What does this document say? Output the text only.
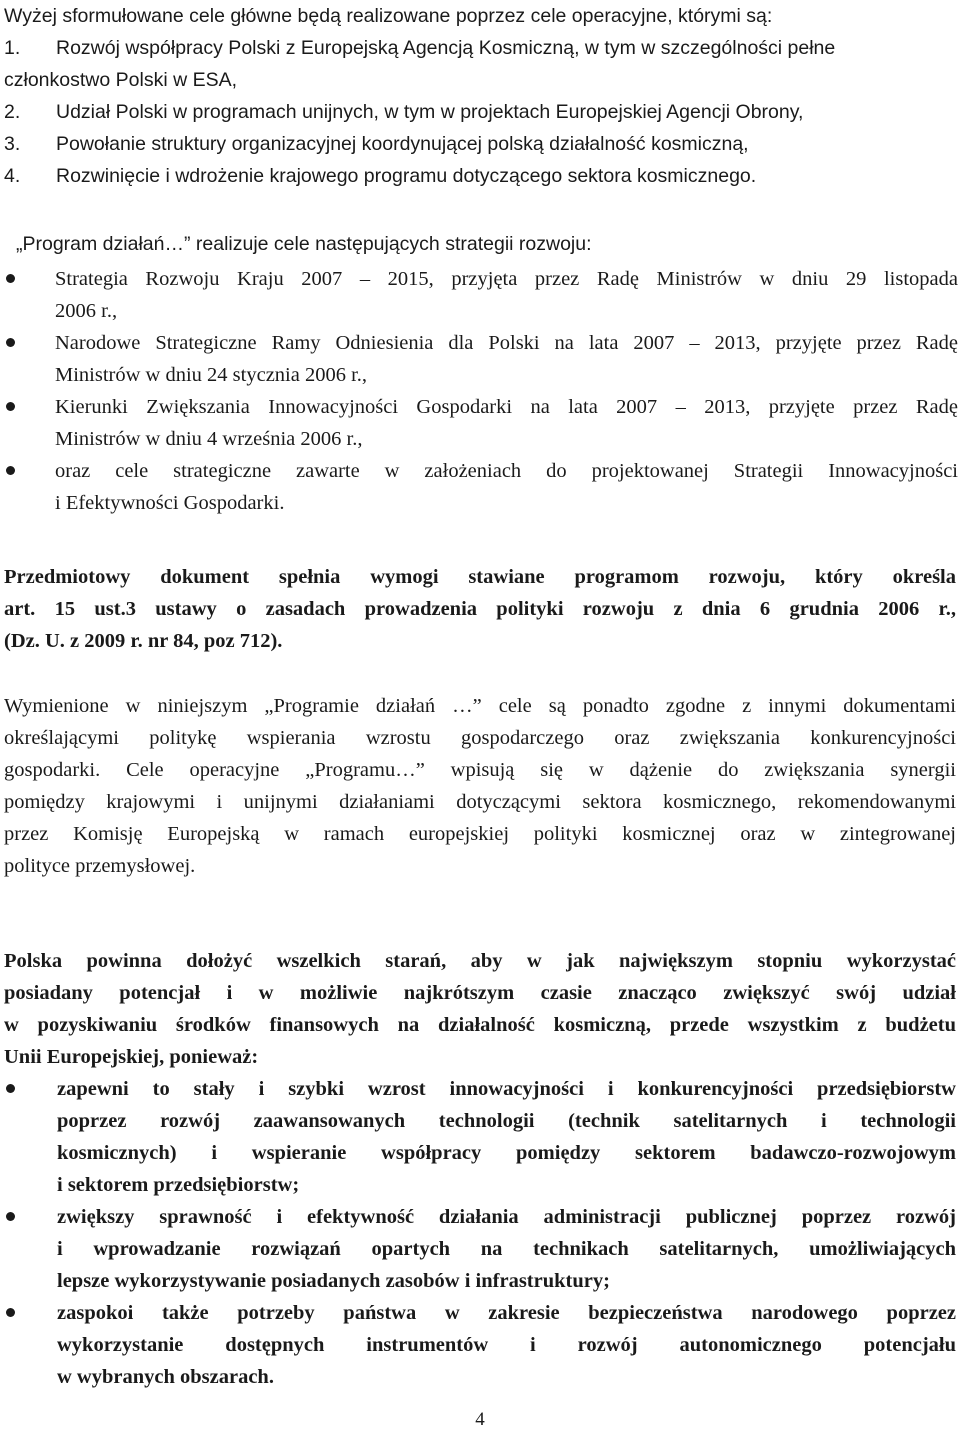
Wyżej sformułowane cele główne będą realizowane poprzez cele operacyjne, którymi są:

1.	Rozwój współpracy Polski z Europejską Agencją Kosmiczną, w tym w szczególności pełne
członkostwo Polski w ESA,
2.	Udział Polski w programach unijnych, w tym w projektach Europejskiej Agencji Obrony,
3.	Powołanie struktury organizacyjnej koordynującej polską działalność kosmiczną,
4.	Rozwinięcie i wdrożenie krajowego programu dotyczącego sektora kosmicznego.

„Program działań…” realizuje cele następujących strategii rozwoju:

Strategia Rozwoju Kraju 2007 – 2015, przyjęta przez Radę Ministrów w dniu 29 listopada
2006 r.,
Narodowe Strategiczne Ramy Odniesienia dla Polski na lata 2007 – 2013, przyjęte przez Radę
Ministrów w dniu 24 stycznia 2006 r.,
Kierunki Zwiększania Innowacyjności Gospodarki na lata 2007 – 2013, przyjęte przez Radę
Ministrów w dniu 4 września 2006 r.,
oraz cele strategiczne zawarte w założeniach do projektowanej Strategii Innowacyjności
i Efektywności Gospodarki.
Przedmiotowy dokument spełnia wymogi stawiane programom rozwoju, który określa
art. 15 ust.3 ustawy o zasadach prowadzenia polityki rozwoju z dnia 6 grudnia 2006 r.,
(Dz. U. z 2009 r. nr 84, poz 712).
Wymienione w niniejszym „Programie działań …” cele są ponadto zgodne z innymi dokumentami
określającymi politykę wspierania wzrostu gospodarczego oraz zwiększania konkurencyjności
gospodarki. Cele operacyjne „Programu…” wpisują się w dążenie do zwiększania synergii
pomiędzy krajowymi i unijnymi działaniami dotyczącymi sektora kosmicznego, rekomendowanymi
przez Komisję Europejską w ramach europejskiej polityki kosmicznej oraz w zintegrowanej
polityce przemysłowej.
Polska powinna dołożyć wszelkich starań, aby w jak największym stopniu wykorzystać
posiadany potencjał i w możliwie najkrótszym czasie znacząco zwiększyć swój udział
w pozyskiwaniu środków finansowych na działalność kosmiczną, przede wszystkim z budżetu
Unii Europejskiej, ponieważ:
zapewni to stały i szybki wzrost innowacyjności i konkurencyjności przedsiębiorstw
poprzez rozwój zaawansowanych technologii (technik satelitarnych i technologii
kosmicznych) i wspieranie współpracy pomiędzy sektorem badawczo-rozwojowym
i sektorem przedsiębiorstw;
zwiększy sprawność i efektywność działania administracji publicznej poprzez rozwój
i wprowadzanie rozwiązań opartych na technikach satelitarnych, umożliwiających
lepsze wykorzystywanie posiadanych zasobów i infrastruktury;
zaspokoi także potrzeby państwa w zakresie bezpieczeństwa narodowego poprzez
wykorzystanie dostępnych instrumentów i rozwój autonomicznego potencjału
w wybranych obszarach.
4
